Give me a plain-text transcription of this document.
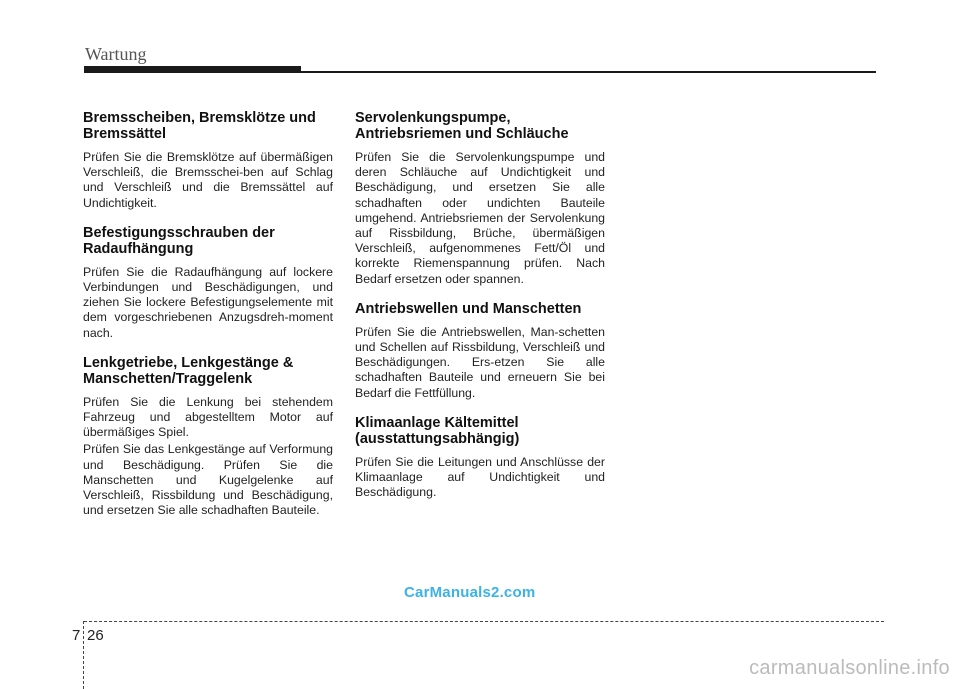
Wartung
Bremsscheiben, Bremsklötze und Bremssättel

Prüfen Sie die Bremsklötze auf übermäßigen Verschleiß, die Bremsschei-ben auf Schlag und Verschleiß und die Bremssättel auf Undichtigkeit.

Befestigungsschrauben der Radaufhängung

Prüfen Sie die Radaufhängung auf lockere Verbindungen und Beschädigungen, und ziehen Sie lockere Befestigungselemente mit dem vorgeschriebenen Anzugsdreh-moment nach.

Lenkgetriebe, Lenkgestänge & Manschetten/Traggelenk

Prüfen Sie die Lenkung bei stehendem Fahrzeug und abgestelltem Motor auf übermäßiges Spiel.

Prüfen Sie das Lenkgestänge auf Verformung und Beschädigung. Prüfen Sie die Manschetten und Kugelgelenke auf Verschleiß, Rissbildung und Beschädigung, und ersetzen Sie alle schadhaften Bauteile.

Servolenkungspumpe, Antriebsriemen und Schläuche

Prüfen Sie die Servolenkungspumpe und deren Schläuche auf Undichtigkeit und Beschädigung, und ersetzen Sie alle schadhaften oder undichten Bauteile umgehend. Antriebsriemen der Servolenkung auf Rissbildung, Brüche, übermäßigen Verschleiß, aufgenommenes Fett/Öl und korrekte Riemenspannung prüfen. Nach Bedarf ersetzen oder spannen.

Antriebswellen und Manschetten

Prüfen Sie die Antriebswellen, Man-schetten und Schellen auf Rissbildung, Verschleiß und Beschädigungen. Ers-etzen Sie alle schadhaften Bauteile und erneuern Sie bei Bedarf die Fettfüllung.

Klimaanlage Kältemittel (ausstattungsabhängig)

Prüfen Sie die Leitungen und Anschlüsse der Klimaanlage auf Undichtigkeit und Beschädigung.

CarManuals2.com
7 26
carmanualsonline.info
